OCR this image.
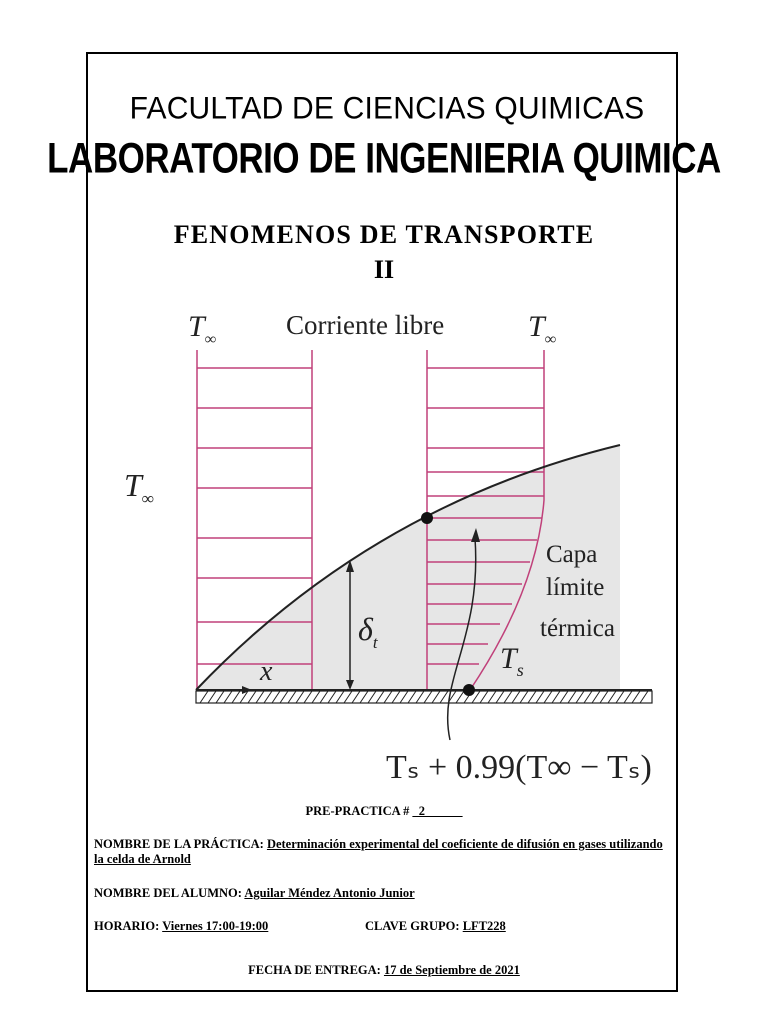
FACULTAD DE CIENCIAS QUIMICAS
LABORATORIO DE INGENIERIA QUIMICA
FENOMENOS DE TRANSPORTE
II
$T_\infty$	Corriente libre	$T_\infty$
$T_\infty$
Capa
límite
térmica
$T_s$
x
$\delta_t$
Tₛ + 0.99(T∞ − Tₛ)
PRE-PRACTICA # _2______
NOMBRE DE LA PRÁCTICA: Determinación experimental del coeficiente de difusión en gases utilizando la celda de Arnold
NOMBRE DEL ALUMNO: Aguilar Méndez Antonio Junior
HORARIO: Viernes 17:00-19:00	CLAVE GRUPO: LFT228
FECHA DE ENTREGA: 17 de Septiembre de 2021
